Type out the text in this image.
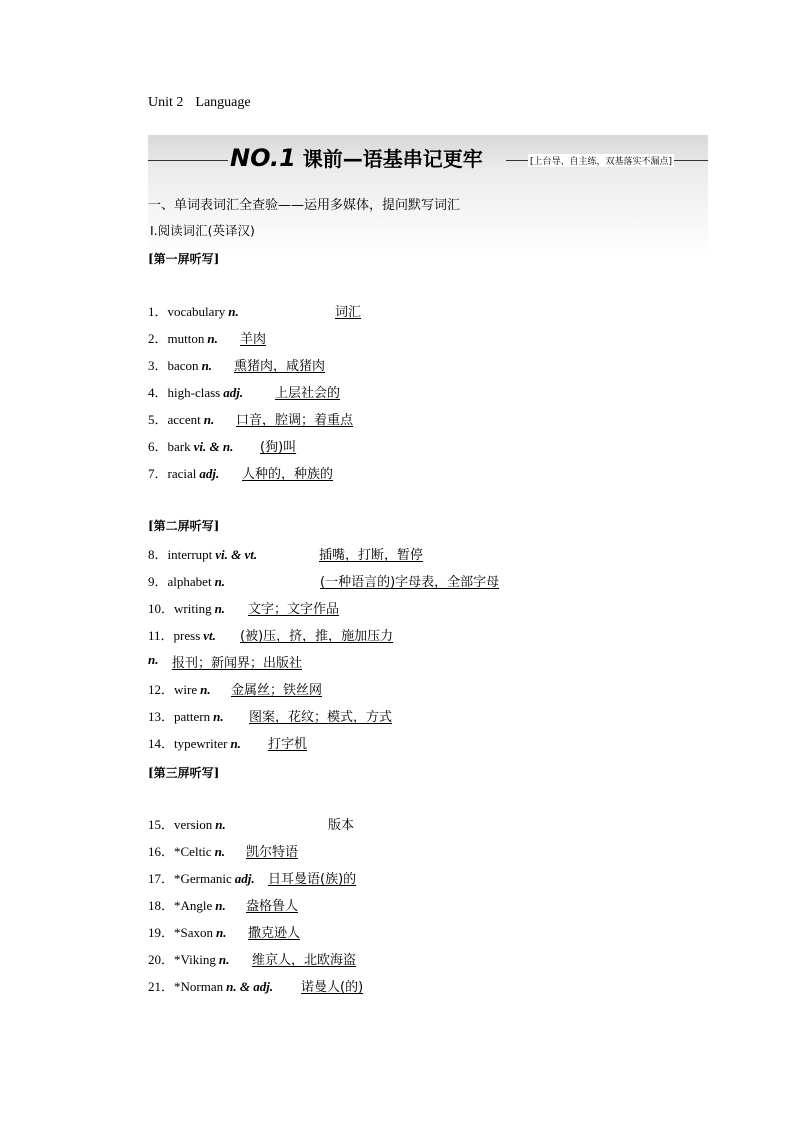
Unit 2 Language
NO.1 课前—语基串记更牢	[上台导、自主练，双基落实不漏点]
一、单词表词汇全查验——运用多媒体，提问默写词汇
Ⅰ.阅读词汇(英译汉)
[第一屏听写]
[第二屏听写]
[第三屏听写]
1．vocabulary n.	词汇
2．mutton n. 羊肉
3．bacon n. 熏猪肉，咸猪肉
4．high-class adj. 上层社会的
5．accent n. 口音，腔调；着重点
6．bark vi. & n. (狗)叫
7．racial adj. 人种的，种族的
8．interrupt vi. & vt.	插嘴，打断，暂停
9．alphabet n.	(一种语言的)字母表，全部字母
10．writing n. 文字；文字作品
11．press vt. (被)压，挤，推，施加压力
n. 报刊；新闻界；出版社
12．wire n. 金属丝；铁丝网
13．pattern n. 图案，花纹；模式，方式
14．typewriter n. 打字机
15．version n.	版本
16．*Celtic n. 凯尔特语
17．*Germanic adj. 日耳曼语(族)的
18．*Angle n. 盎格鲁人
19．*Saxon n. 撒克逊人
20．*Viking n. 维京人，北欧海盗
21．*Norman n. & adj. 诺曼人(的)
